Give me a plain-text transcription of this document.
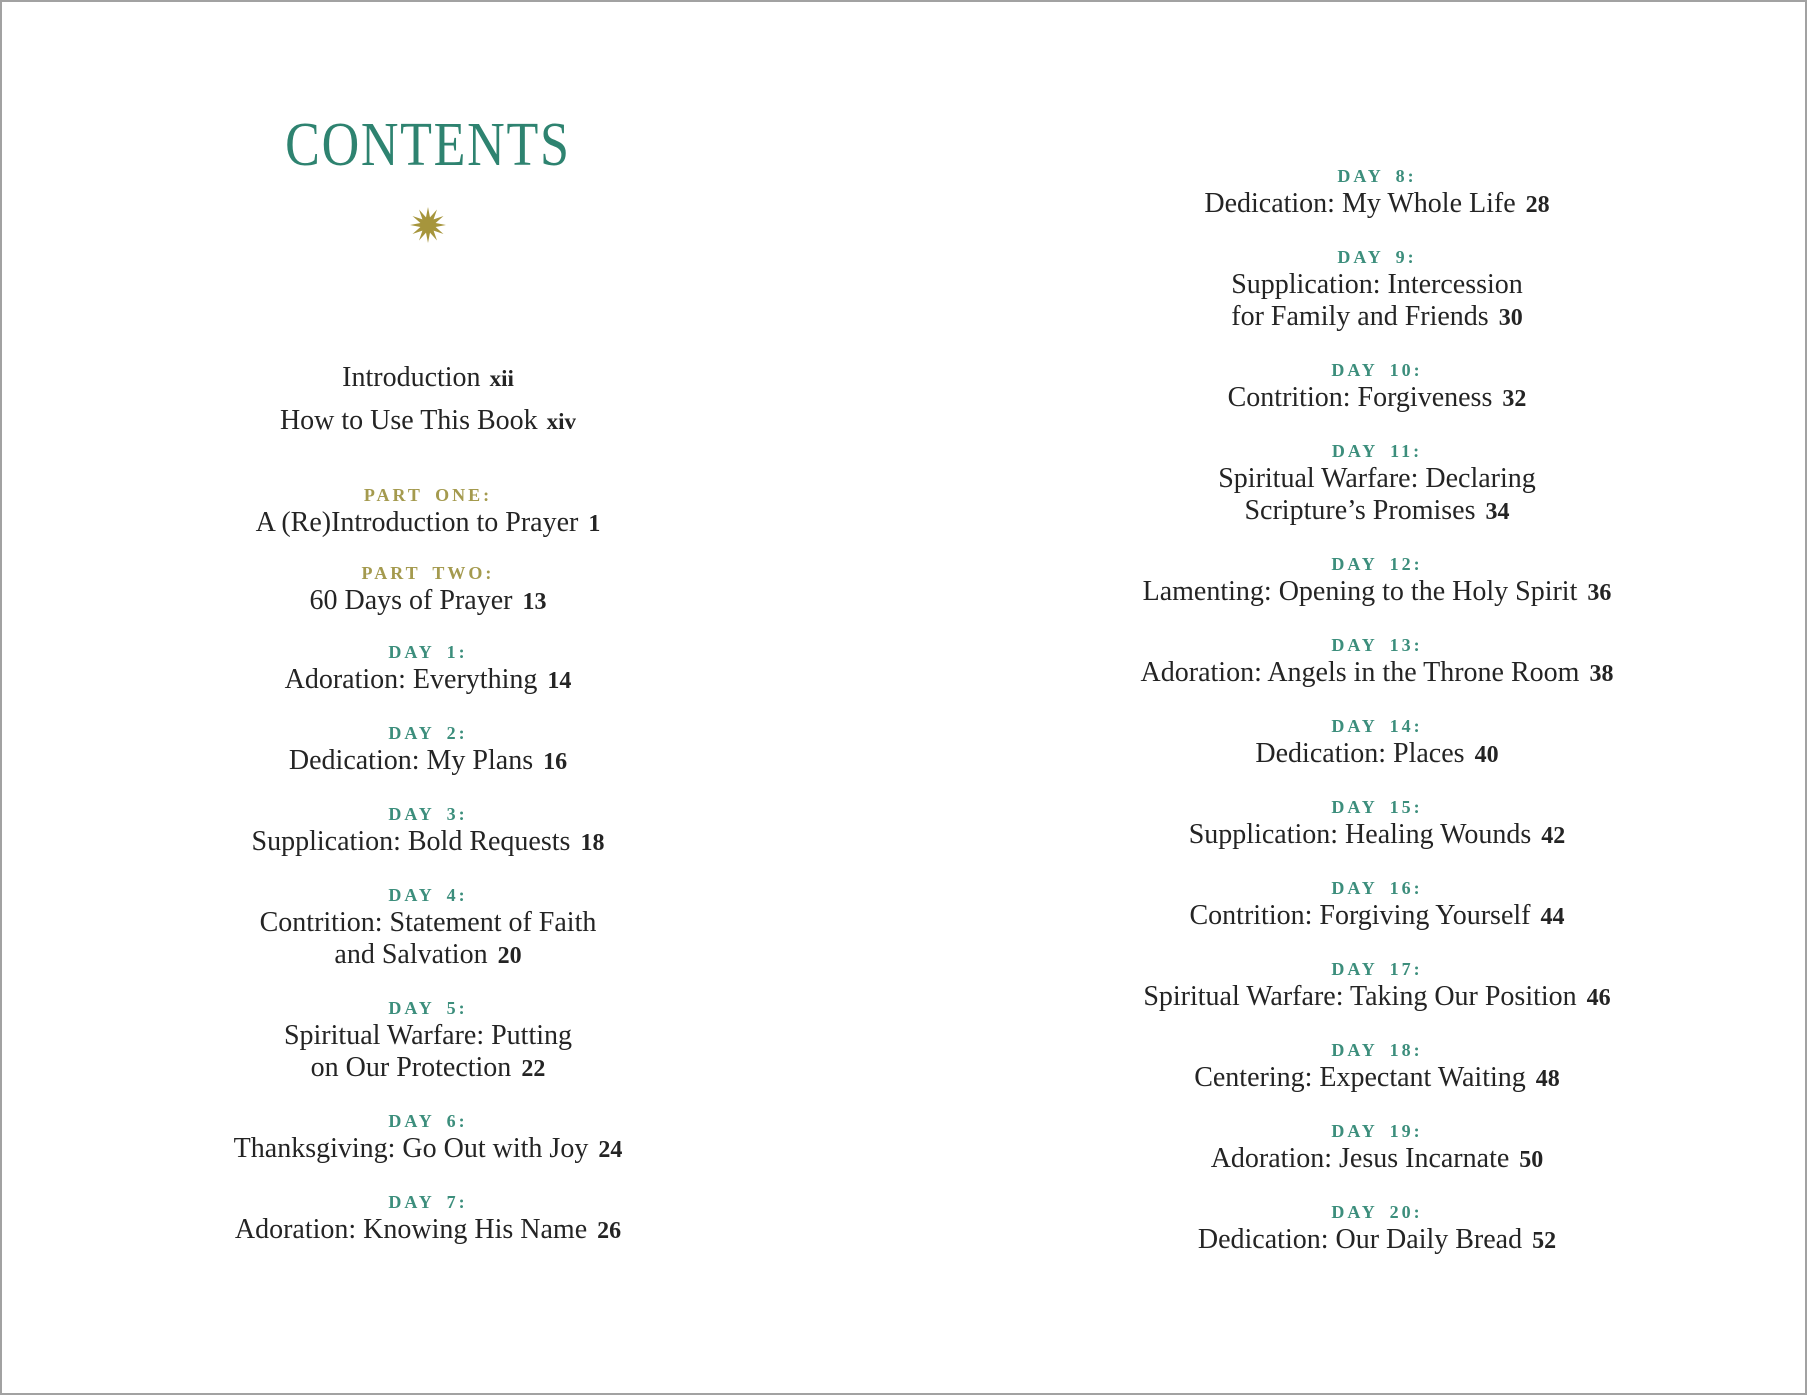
CONTENTS
Introduction xii
How to Use This Book xiv
PART ONE:
A (Re)Introduction to Prayer 1
PART TWO:
60 Days of Prayer 13
DAY 1:
Adoration: Everything 14
DAY 2:
Dedication: My Plans 16
DAY 3:
Supplication: Bold Requests 18
DAY 4:
Contrition: Statement of Faith
and Salvation 20
DAY 5:
Spiritual Warfare: Putting
on Our Protection 22
DAY 6:
Thanksgiving: Go Out with Joy 24
DAY 7:
Adoration: Knowing His Name 26
DAY 8:
Dedication: My Whole Life 28
DAY 9:
Supplication: Intercession
for Family and Friends 30
DAY 10:
Contrition: Forgiveness 32
DAY 11:
Spiritual Warfare: Declaring
Scripture’s Promises 34
DAY 12:
Lamenting: Opening to the Holy Spirit 36
DAY 13:
Adoration: Angels in the Throne Room 38
DAY 14:
Dedication: Places 40
DAY 15:
Supplication: Healing Wounds 42
DAY 16:
Contrition: Forgiving Yourself 44
DAY 17:
Spiritual Warfare: Taking Our Position 46
DAY 18:
Centering: Expectant Waiting 48
DAY 19:
Adoration: Jesus Incarnate 50
DAY 20:
Dedication: Our Daily Bread 52
